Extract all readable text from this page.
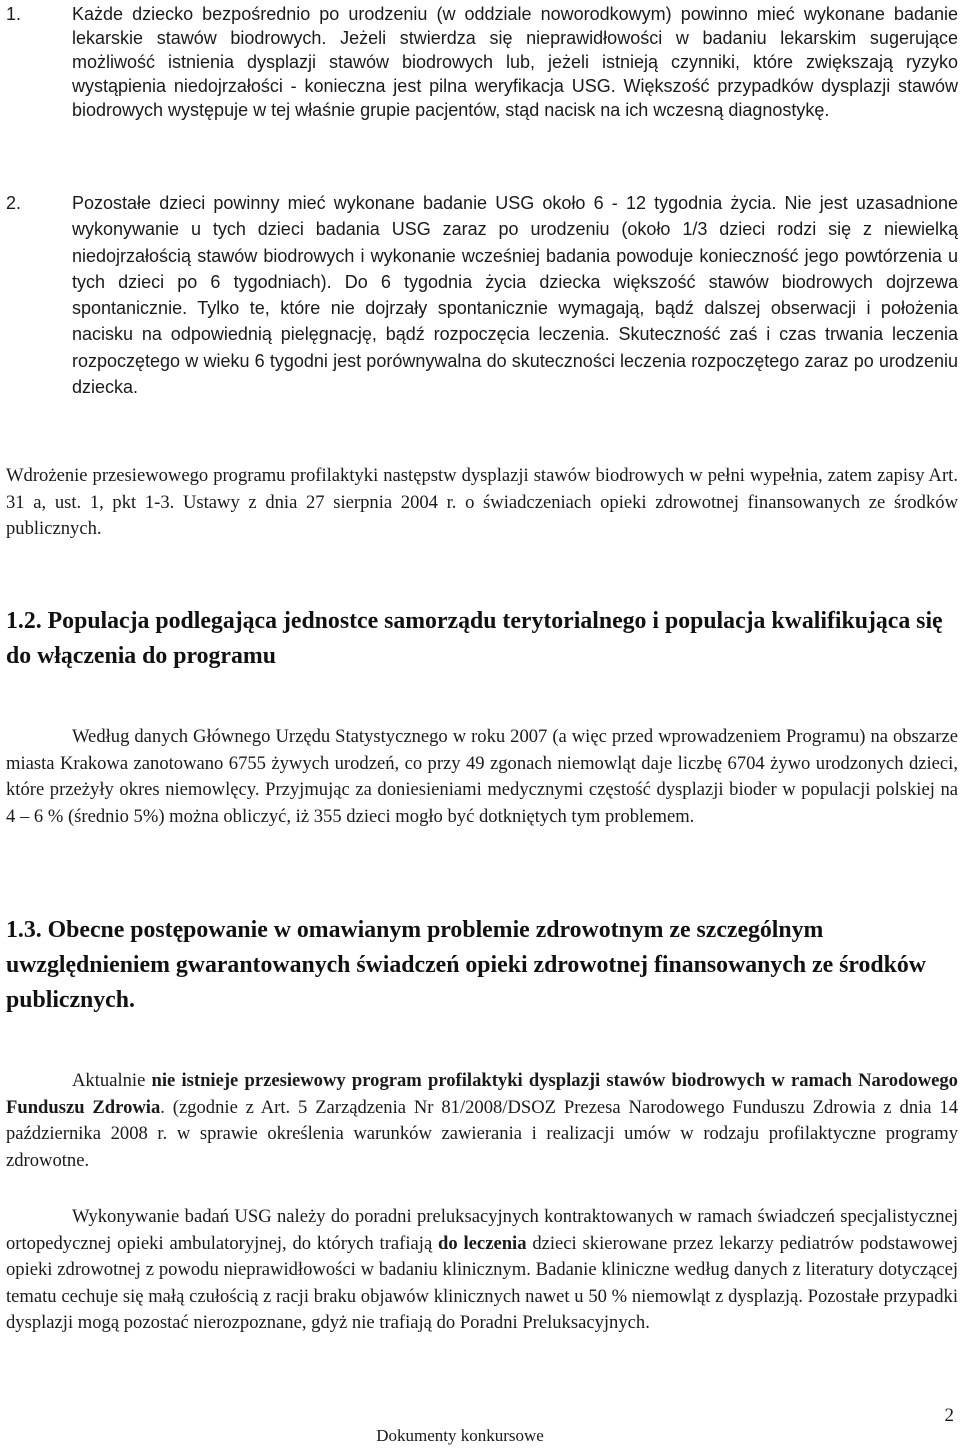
1.	Każde dziecko bezpośrednio po urodzeniu (w oddziale noworodkowym) powinno mieć wykonane badanie lekarskie stawów biodrowych. Jeżeli stwierdza się nieprawidłowości w badaniu lekarskim sugerujące możliwość istnienia dysplazji stawów biodrowych lub, jeżeli istnieją czynniki, które zwiększają ryzyko wystąpienia niedojrzałości - konieczna jest pilna weryfikacja USG. Większość przypadków dysplazji stawów biodrowych występuje w tej właśnie grupie pacjentów, stąd nacisk na ich wczesną diagnostykę.
2.	Pozostałe dzieci powinny mieć wykonane badanie USG około 6 - 12 tygodnia życia. Nie jest uzasadnione wykonywanie u tych dzieci badania USG zaraz po urodzeniu (około 1/3 dzieci rodzi się z niewielką niedojrzałością stawów biodrowych i wykonanie wcześniej badania powoduje konieczność jego powtórzenia u tych dzieci po 6 tygodniach). Do 6 tygodnia życia dziecka większość stawów biodrowych dojrzewa spontanicznie. Tylko te, które nie dojrzały spontanicznie wymagają, bądź dalszej obserwacji i położenia nacisku na odpowiednią pielęgnację, bądź rozpoczęcia leczenia. Skuteczność zaś i czas trwania leczenia rozpoczętego w wieku 6 tygodni jest porównywalna do skuteczności leczenia rozpoczętego zaraz po urodzeniu dziecka.
Wdrożenie przesiewowego programu profilaktyki następstw dysplazji stawów biodrowych w pełni wypełnia, zatem zapisy Art. 31 a, ust. 1, pkt 1-3. Ustawy z dnia 27 sierpnia 2004 r. o świadczeniach opieki zdrowotnej finansowanych ze środków publicznych.
1.2. Populacja podlegająca jednostce samorządu terytorialnego i populacja kwalifikująca się do włączenia do programu
Według danych Głównego Urzędu Statystycznego w roku 2007 (a więc przed wprowadzeniem Programu) na obszarze miasta Krakowa zanotowano 6755 żywych urodzeń, co przy 49 zgonach niemowląt daje liczbę 6704 żywo urodzonych dzieci, które przeżyły okres niemowlęcy. Przyjmując za doniesieniami medycznymi częstość dysplazji bioder w populacji polskiej na 4 – 6 % (średnio 5%) można obliczyć, iż 355 dzieci mogło być dotkniętych tym problemem.
1.3. Obecne postępowanie w omawianym problemie zdrowotnym ze szczególnym uwzględnieniem gwarantowanych świadczeń opieki zdrowotnej finansowanych ze środków publicznych.
Aktualnie nie istnieje przesiewowy program profilaktyki dysplazji stawów biodrowych w ramach Narodowego Funduszu Zdrowia. (zgodnie z Art. 5 Zarządzenia Nr 81/2008/DSOZ Prezesa Narodowego Funduszu Zdrowia z dnia 14 października 2008 r. w sprawie określenia warunków zawierania i realizacji umów w rodzaju profilaktyczne programy zdrowotne.
Wykonywanie badań USG należy do poradni preluksacyjnych kontraktowanych w ramach świadczeń specjalistycznej ortopedycznej opieki ambulatoryjnej, do których trafiają do leczenia dzieci skierowane przez lekarzy pediatrów podstawowej opieki zdrowotnej z powodu nieprawidłowości w badaniu klinicznym. Badanie kliniczne według danych z literatury dotyczącej tematu cechuje się małą czułością z racji braku objawów klinicznych nawet u 50 % niemowląt z dysplazją. Pozostałe przypadki dysplazji mogą pozostać nierozpoznane, gdyż nie trafiają do Poradni Preluksacyjnych.
2
Dokumenty konkursowe
